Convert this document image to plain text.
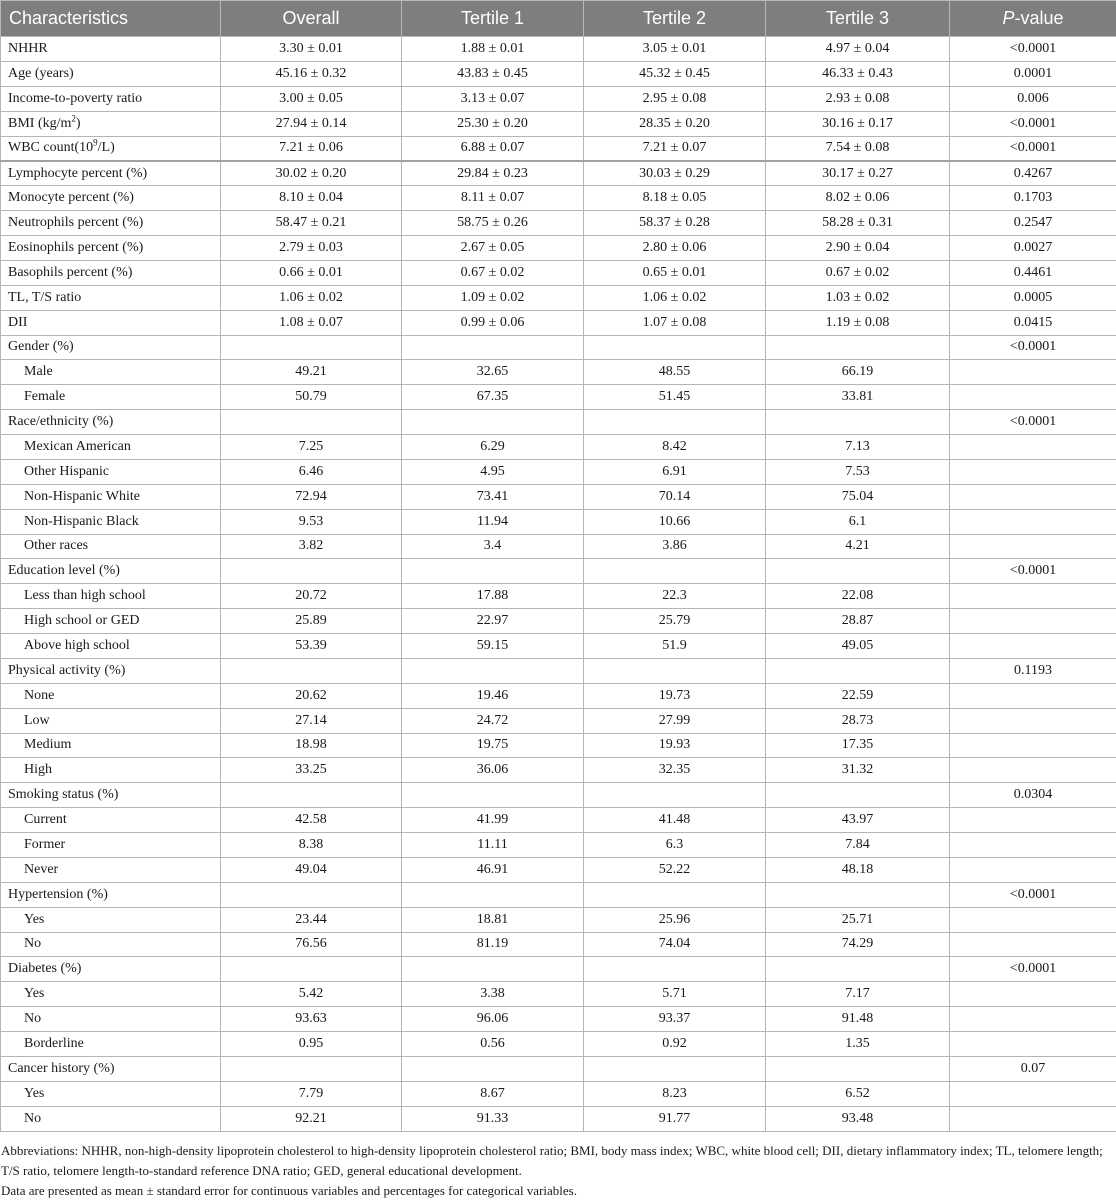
Characteristics	Overall	Tertile 1	Tertile 2	Tertile 3	P-value
NHHR	3.30 ± 0.01	1.88 ± 0.01	3.05 ± 0.01	4.97 ± 0.04	<0.0001
Age (years)	45.16 ± 0.32	43.83 ± 0.45	45.32 ± 0.45	46.33 ± 0.43	0.0001
Income-to-poverty ratio	3.00 ± 0.05	3.13 ± 0.07	2.95 ± 0.08	2.93 ± 0.08	0.006
BMI $(kg/m^2)$	27.94 ± 0.14	25.30 ± 0.20	28.35 ± 0.20	30.16 ± 0.17	<0.0001
WBC $count(10^9/L)$	7.21 ± 0.06	6.88 ± 0.07	7.21 ± 0.07	7.54 ± 0.08	<0.0001
Lymphocyte percent (%)	30.02 ± 0.20	29.84 ± 0.23	30.03 ± 0.29	30.17 ± 0.27	0.4267
Monocyte percent (%)	8.10 ± 0.04	8.11 ± 0.07	8.18 ± 0.05	8.02 ± 0.06	0.1703
Neutrophils percent (%)	58.47 ± 0.21	58.75 ± 0.26	58.37 ± 0.28	58.28 ± 0.31	0.2547
Eosinophils percent (%)	2.79 ± 0.03	2.67 ± 0.05	2.80 ± 0.06	2.90 ± 0.04	0.0027
Basophils percent (%)	0.66 ± 0.01	0.67 ± 0.02	0.65 ± 0.01	0.67 ± 0.02	0.4461
TL, T/S ratio	1.06 ± 0.02	1.09 ± 0.02	1.06 ± 0.02	1.03 ± 0.02	0.0005
DII	1.08 ± 0.07	0.99 ± 0.06	1.07 ± 0.08	1.19 ± 0.08	0.0415
Gender (%)					<0.0001
Male	49.21	32.65	48.55	66.19	
Female	50.79	67.35	51.45	33.81	
Race/ethnicity (%)					<0.0001
Mexican American	7.25	6.29	8.42	7.13	
Other Hispanic	6.46	4.95	6.91	7.53	
Non-Hispanic White	72.94	73.41	70.14	75.04	
Non-Hispanic Black	9.53	11.94	10.66	6.1	
Other races	3.82	3.4	3.86	4.21	
Education level (%)					<0.0001
Less than high school	20.72	17.88	22.3	22.08	
High school or GED	25.89	22.97	25.79	28.87	
Above high school	53.39	59.15	51.9	49.05	
Physical activity (%)					0.1193
None	20.62	19.46	19.73	22.59	
Low	27.14	24.72	27.99	28.73	
Medium	18.98	19.75	19.93	17.35	
High	33.25	36.06	32.35	31.32	
Smoking status (%)					0.0304
Current	42.58	41.99	41.48	43.97	
Former	8.38	11.11	6.3	7.84	
Never	49.04	46.91	52.22	48.18	
Hypertension (%)					<0.0001
Yes	23.44	18.81	25.96	25.71	
No	76.56	81.19	74.04	74.29	
Diabetes (%)					<0.0001
Yes	5.42	3.38	5.71	7.17	
No	93.63	96.06	93.37	91.48	
Borderline	0.95	0.56	0.92	1.35	
Cancer history (%)					0.07
Yes	7.79	8.67	8.23	6.52	
No	92.21	91.33	91.77	93.48	

Abbreviations: NHHR, non-high-density lipoprotein cholesterol to high-density lipoprotein cholesterol ratio; BMI, body mass index; WBC, white blood cell; DII, dietary inflammatory index; TL, telomere length; T/S ratio, telomere length-to-standard reference DNA ratio; GED, general educational development.

Data are presented as mean ± standard error for continuous variables and percentages for categorical variables.
